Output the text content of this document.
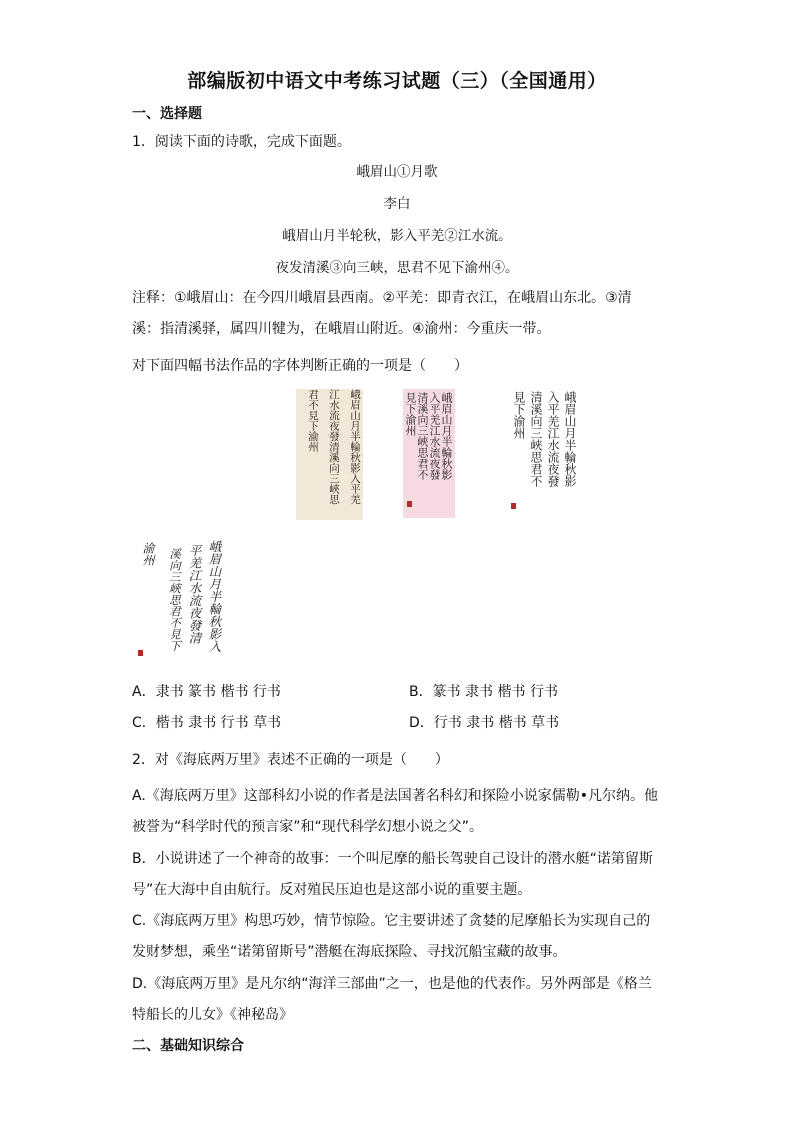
部编版初中语文中考练习试题（三）（全国通用）
一、选择题
1．阅读下面的诗歌，完成下面题。
峨眉山①月歌
李白
峨眉山月半轮秋，影入平羌②江水流。
夜发清溪③向三峡，思君不见下渝州④。
注释：①峨眉山：在今四川峨眉县西南。②平羌：即青衣江，在峨眉山东北。③清
溪：指清溪驿，属四川犍为，在峨眉山附近。④渝州：今重庆一带。
对下面四幅书法作品的字体判断正确的一项是（　　）
峨眉山月半輪秋影入平羌
江水流夜發清溪向三峽思
君不見下渝州	峨眉山月半輪秋影
入平羌江水流夜發
清溪向三峽思君不
見下渝州	峨眉山月半輪秋影
入平羌江水流夜發
清溪向三峽思君不
見下渝州
峨眉山月半輪秋影入
平羌江水流夜發清
溪向三峽思君不見下
渝州
A．隶书 篆书 楷书 行书	B．篆书 隶书 楷书 行书
C．楷书 隶书 行书 草书	D．行书 隶书 楷书 草书
2．对《海底两万里》表述不正确的一项是（　　）
A.《海底两万里》这部科幻小说的作者是法国著名科幻和探险小说家儒勒•凡尔纳。他
被誉为“科学时代的预言家”和“现代科学幻想小说之父”。
B．小说讲述了一个神奇的故事：一个叫尼摩的船长驾驶自己设计的潜水艇“诺第留斯
号”在大海中自由航行。反对殖民压迫也是这部小说的重要主题。
C.《海底两万里》构思巧妙，情节惊险。它主要讲述了贪婪的尼摩船长为实现自己的
发财梦想，乘坐“诺第留斯号”潜艇在海底探险、寻找沉船宝藏的故事。
D.《海底两万里》是凡尔纳“海洋三部曲”之一，也是他的代表作。另外两部是《格兰
特船长的儿女》《神秘岛》
二、基础知识综合
